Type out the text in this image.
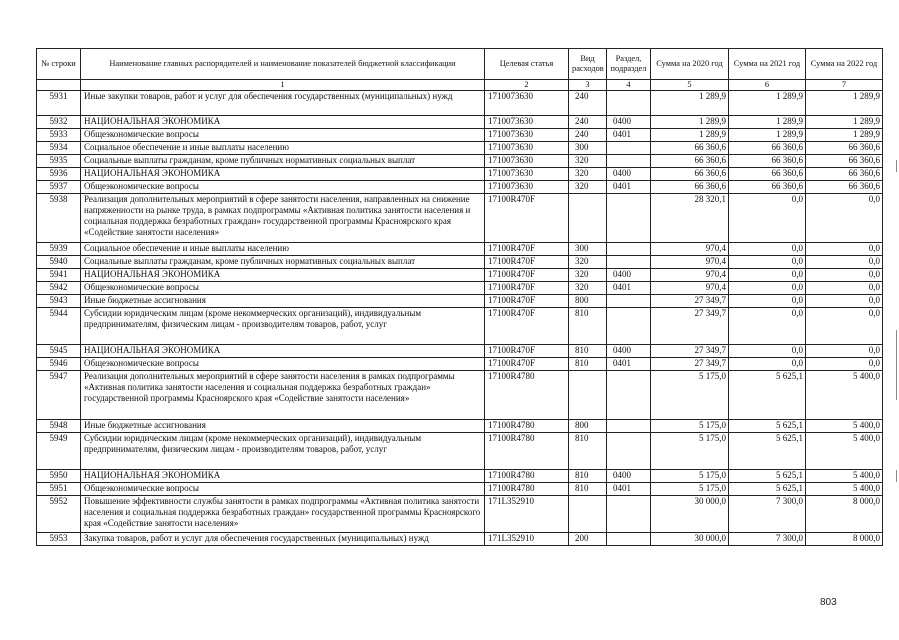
№ строки	Наименование главных распорядителей и наименование показателей бюджетной классификации	Целевая статья	Вид расходов	Раздел, подраздел	Сумма на 2020 год	Сумма на 2021 год	Сумма на 2022 год
	1	2	3	4	5	6	7
5931	Иные закупки товаров, работ и услуг для обеспечения государственных (муниципальных) нужд	1710073630	240		1 289,9	1 289,9	1 289,9
5932	НАЦИОНАЛЬНАЯ ЭКОНОМИКА	1710073630	240	0400	1 289,9	1 289,9	1 289,9
5933	Общеэкономические вопросы	1710073630	240	0401	1 289,9	1 289,9	1 289,9
5934	Социальное обеспечение и иные выплаты населению	1710073630	300		66 360,6	66 360,6	66 360,6
5935	Социальные выплаты гражданам, кроме публичных нормативных социальных выплат	1710073630	320		66 360,6	66 360,6	66 360,6
5936	НАЦИОНАЛЬНАЯ ЭКОНОМИКА	1710073630	320	0400	66 360,6	66 360,6	66 360,6
5937	Общеэкономические вопросы	1710073630	320	0401	66 360,6	66 360,6	66 360,6
5938	Реализация дополнительных мероприятий в сфере занятости населения, направленных на снижение напряженности на рынке труда, в рамках подпрограммы «Активная политика занятости населения и социальная поддержка безработных граждан» государственной программы Красноярского края «Содействие занятости населения»	17100R470F			28 320,1	0,0	0,0
5939	Социальное обеспечение и иные выплаты населению	17100R470F	300		970,4	0,0	0,0
5940	Социальные выплаты гражданам, кроме публичных нормативных социальных выплат	17100R470F	320		970,4	0,0	0,0
5941	НАЦИОНАЛЬНАЯ ЭКОНОМИКА	17100R470F	320	0400	970,4	0,0	0,0
5942	Общеэкономические вопросы	17100R470F	320	0401	970,4	0,0	0,0
5943	Иные бюджетные ассигнования	17100R470F	800		27 349,7	0,0	0,0
5944	Субсидии юридическим лицам (кроме некоммерческих организаций), индивидуальным предпринимателям, физическим лицам - производителям товаров, работ, услуг	17100R470F	810		27 349,7	0,0	0,0
5945	НАЦИОНАЛЬНАЯ ЭКОНОМИКА	17100R470F	810	0400	27 349,7	0,0	0,0
5946	Общеэкономические вопросы	17100R470F	810	0401	27 349,7	0,0	0,0
5947	Реализация дополнительных мероприятий в сфере занятости населения в рамках подпрограммы «Активная политика занятости населения и социальная поддержка безработных граждан» государственной программы Красноярского края «Содействие занятости населения»	17100R4780			5 175,0	5 625,1	5 400,0
5948	Иные бюджетные ассигнования	17100R4780	800		5 175,0	5 625,1	5 400,0
5949	Субсидии юридическим лицам (кроме некоммерческих организаций), индивидуальным предпринимателям, физическим лицам - производителям товаров, работ, услуг	17100R4780	810		5 175,0	5 625,1	5 400,0
5950	НАЦИОНАЛЬНАЯ ЭКОНОМИКА	17100R4780	810	0400	5 175,0	5 625,1	5 400,0
5951	Общеэкономические вопросы	17100R4780	810	0401	5 175,0	5 625,1	5 400,0
5952	Повышение эффективности службы занятости в рамках подпрограммы «Активная политика занятости населения и социальная поддержка безработных граждан» государственной программы Красноярского края «Содействие занятости населения»	171L352910			30 000,0	7 300,0	8 000,0
5953	Закупка товаров, работ и услуг для обеспечения государственных (муниципальных) нужд	171L352910	200		30 000,0	7 300,0	8 000,0
803
